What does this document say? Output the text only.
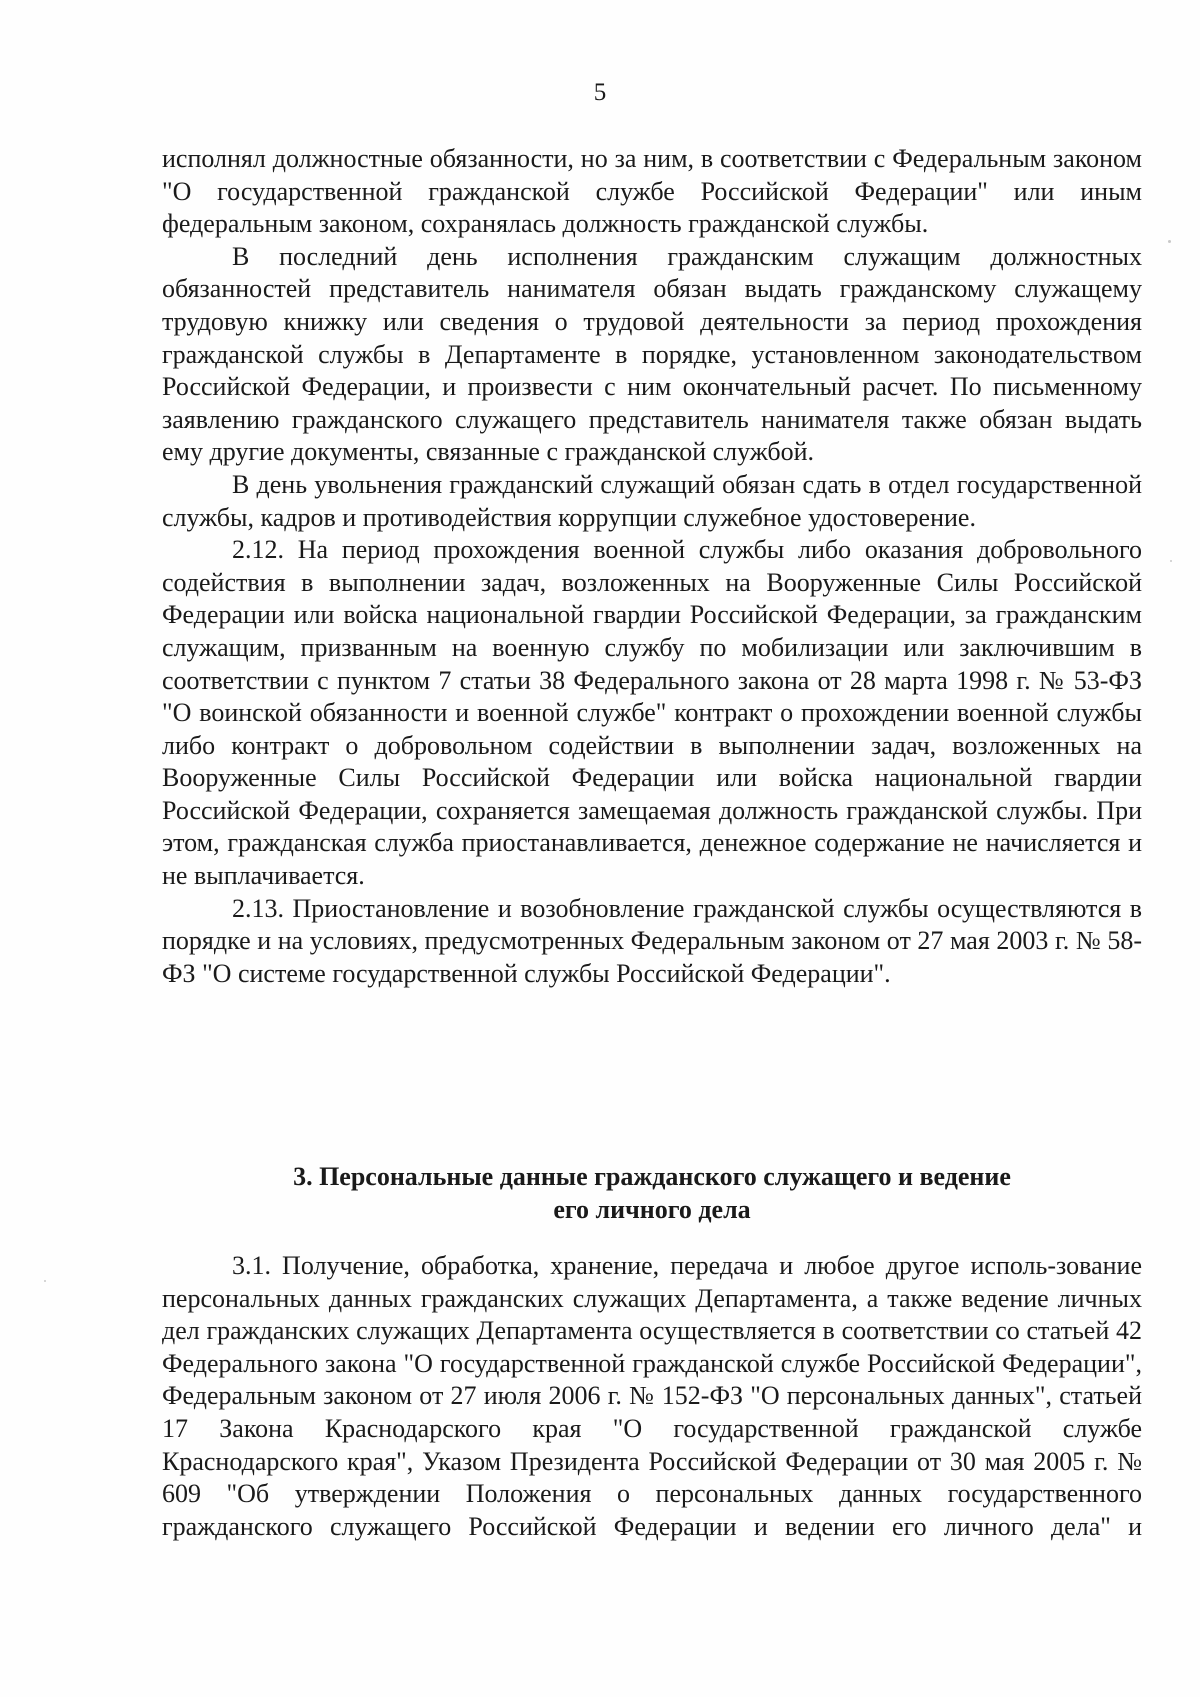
5

исполнял должностные обязанности, но за ним, в соответствии с Федеральным законом "О государственной гражданской службе Российской Федерации" или иным федеральным законом, сохранялась должность гражданской службы.

В последний день исполнения гражданским служащим должностных обязанностей представитель нанимателя обязан выдать гражданскому служащему трудовую книжку или сведения о трудовой деятельности за период прохождения гражданской службы в Департаменте в порядке, установленном законодательством Российской Федерации, и произвести с ним окончательный расчет. По письменному заявлению гражданского служащего представитель нанимателя также обязан выдать ему другие документы, связанные с гражданской службой.

В день увольнения гражданский служащий обязан сдать в отдел государственной службы, кадров и противодействия коррупции служебное удостоверение.

2.12. На период прохождения военной службы либо оказания добровольного содействия в выполнении задач, возложенных на Вооруженные Силы Российской Федерации или войска национальной гвардии Российской Федерации, за гражданским служащим, призванным на военную службу по мобилизации или заключившим в соответствии с пунктом 7 статьи 38 Федерального закона от 28 марта 1998 г. № 53-ФЗ "О воинской обязанности и военной службе" контракт о прохождении военной службы либо контракт о добровольном содействии в выполнении задач, возложенных на Вооруженные Силы Российской Федерации или войска национальной гвардии Российской Федерации, сохраняется замещаемая должность гражданской службы. При этом, гражданская служба приостанавливается, денежное содержание не начисляется и не выплачивается.

2.13. Приостановление и возобновление гражданской службы осуществляются в порядке и на условиях, предусмотренных Федеральным законом от 27 мая 2003 г. № 58-ФЗ "О системе государственной службы Российской Федерации".

3. Персональные данные гражданского служащего и ведение
его личного дела

3.1. Получение, обработка, хранение, передача и любое другое исполь-зование персональных данных гражданских служащих Департамента, а также ведение личных дел гражданских служащих Департамента осуществляется в соответствии со статьей 42 Федерального закона "О государственной гражданской службе Российской Федерации", Федеральным законом от 27 июля 2006 г. № 152-ФЗ "О персональных данных", статьей 17 Закона Краснодарского края "О государственной гражданской службе Краснодарского края", Указом Президента Российской Федерации от 30 мая 2005 г. № 609 "Об утверждении Положения о персональных данных государственного гражданского служащего Российской Федерации и ведении его личного дела" и
